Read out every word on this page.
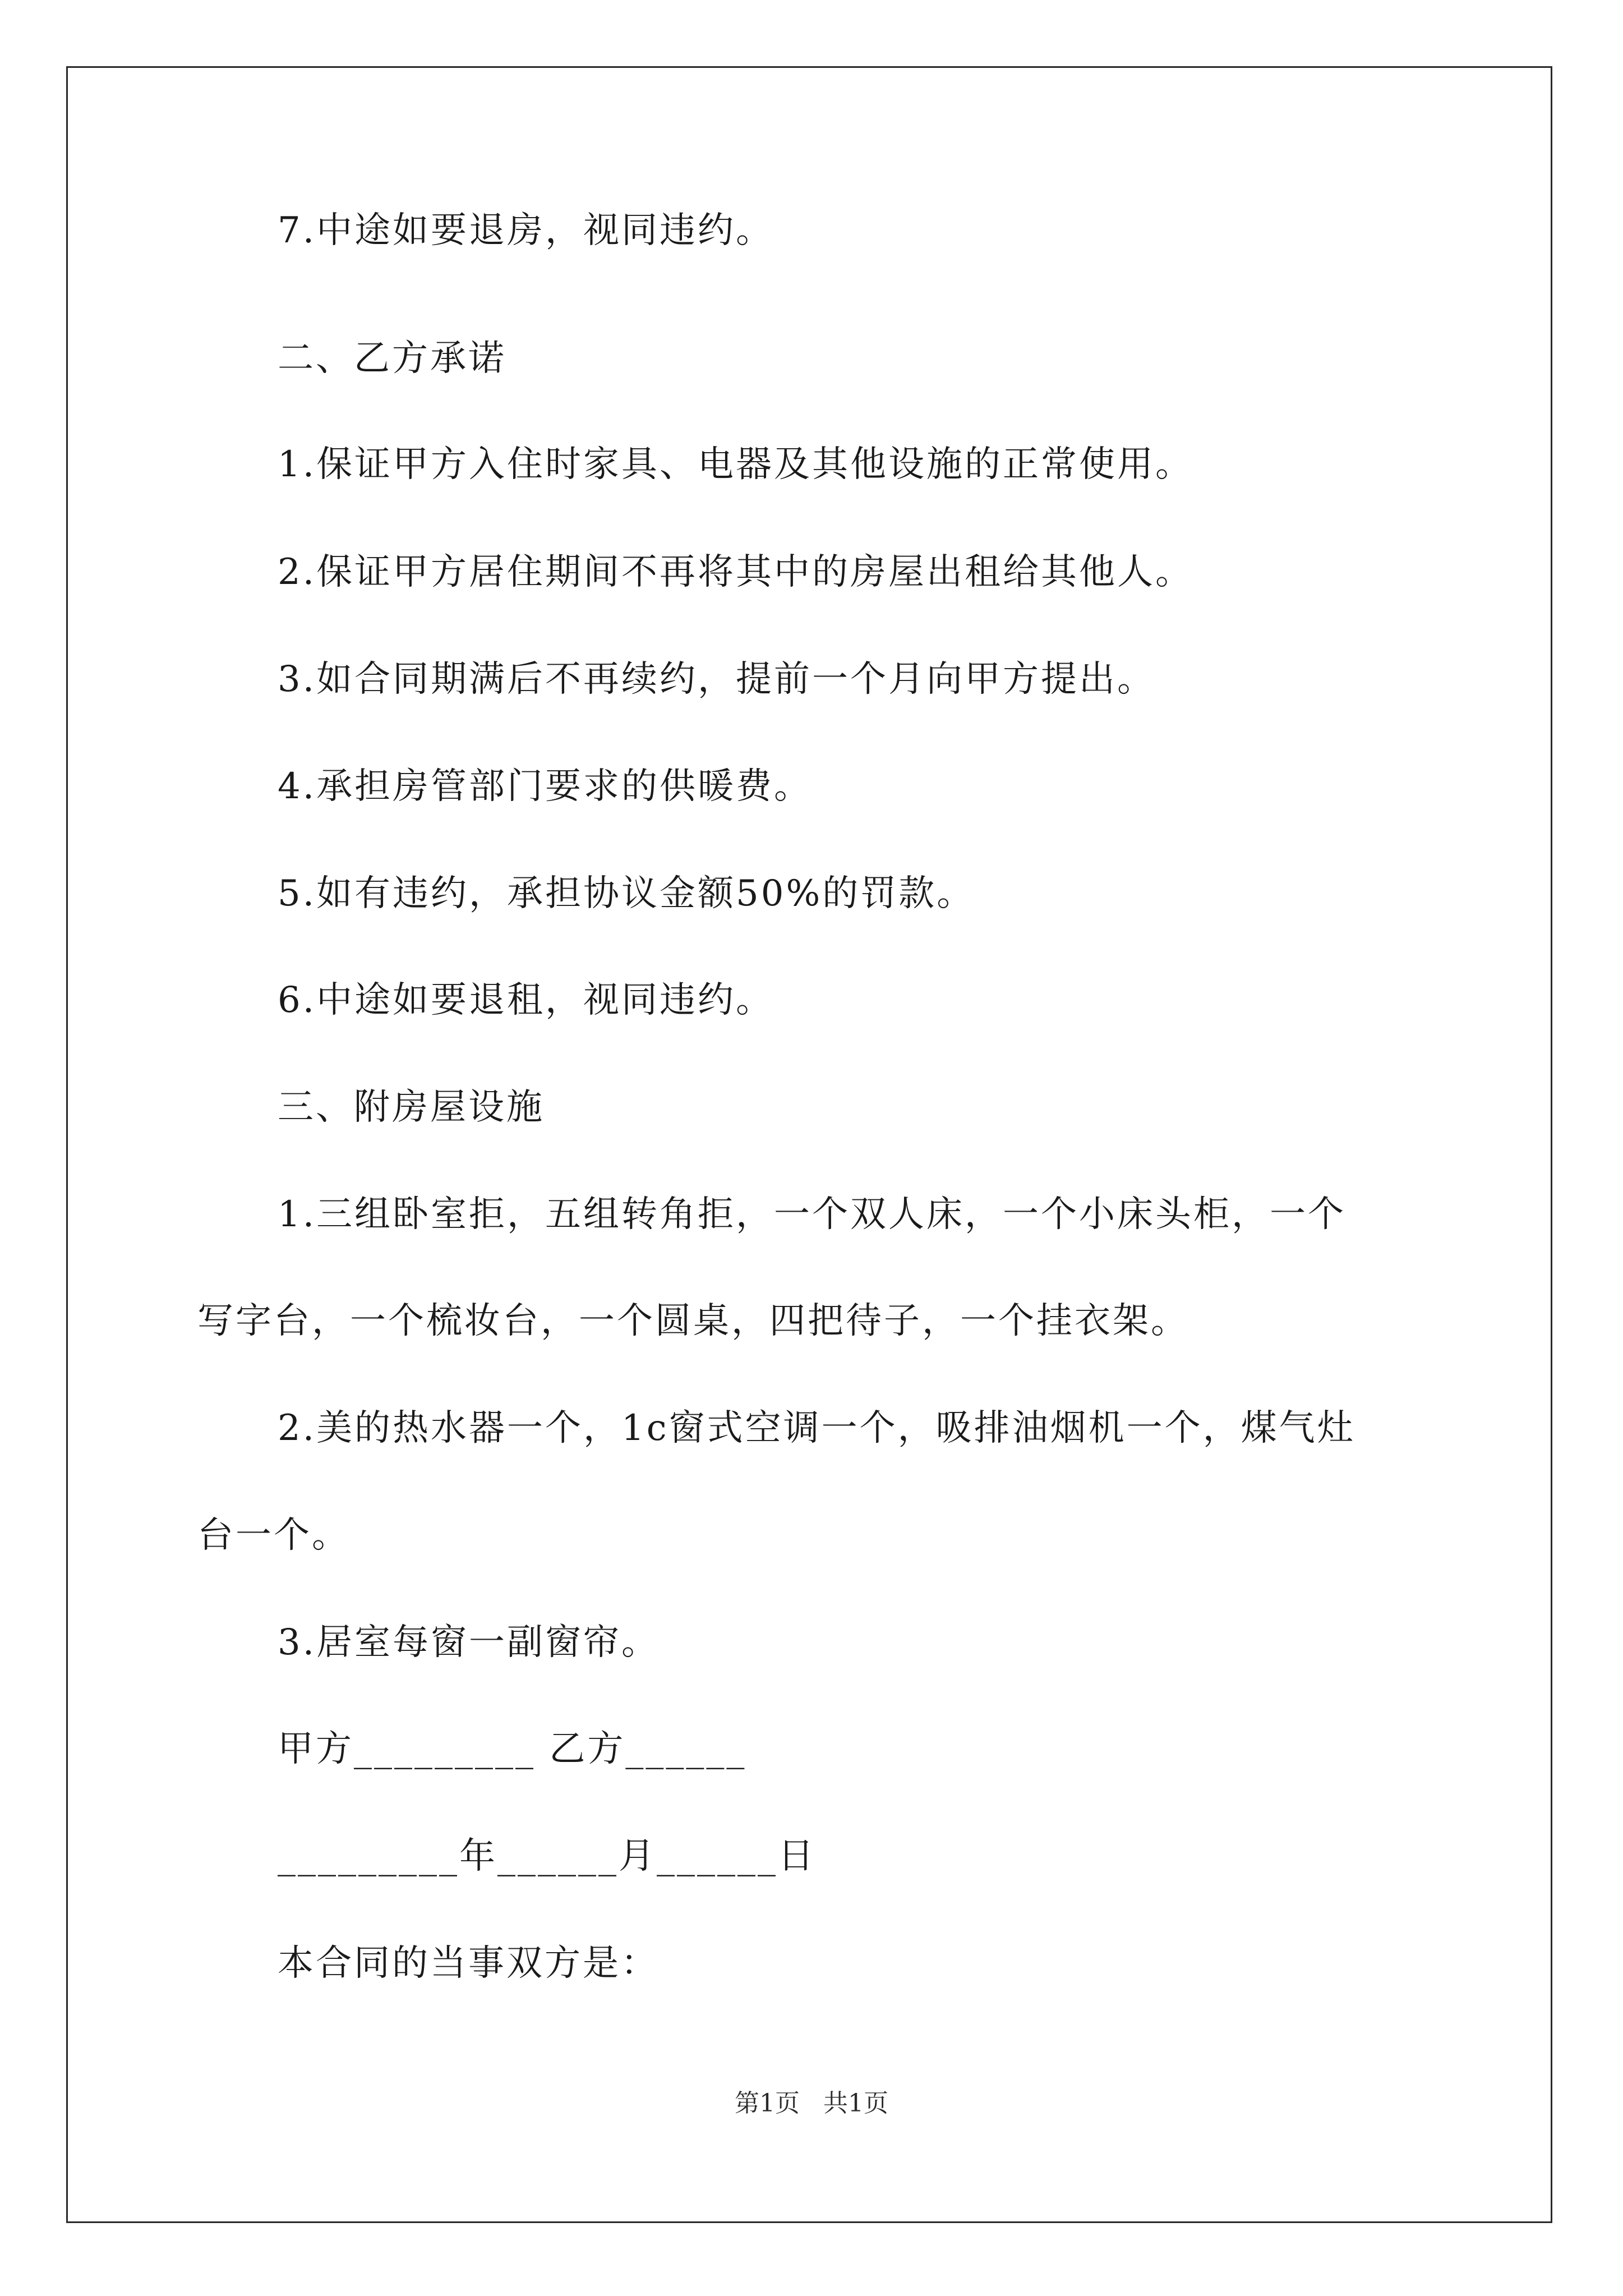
7.中途如要退房，视同违约。
二、乙方承诺
1.保证甲方入住时家具、电器及其他设施的正常使用。
2.保证甲方居住期间不再将其中的房屋出租给其他人。
3.如合同期满后不再续约，提前一个月向甲方提出。
4.承担房管部门要求的供暖费。
5.如有违约，承担协议金额50%的罚款。
6.中途如要退租，视同违约。
三、附房屋设施
1.三组卧室拒，五组转角拒，一个双人床，一个小床头柜，一个
写字台，一个梳妆台，一个圆桌，四把待子，一个挂衣架。
2.美的热水器一个，1c窗式空调一个，吸排油烟机一个，煤气灶
台一个。
3.居室每窗一副窗帘。
甲方_________ 乙方______
_________年______月______日
本合同的当事双方是：
第1页   共1页
